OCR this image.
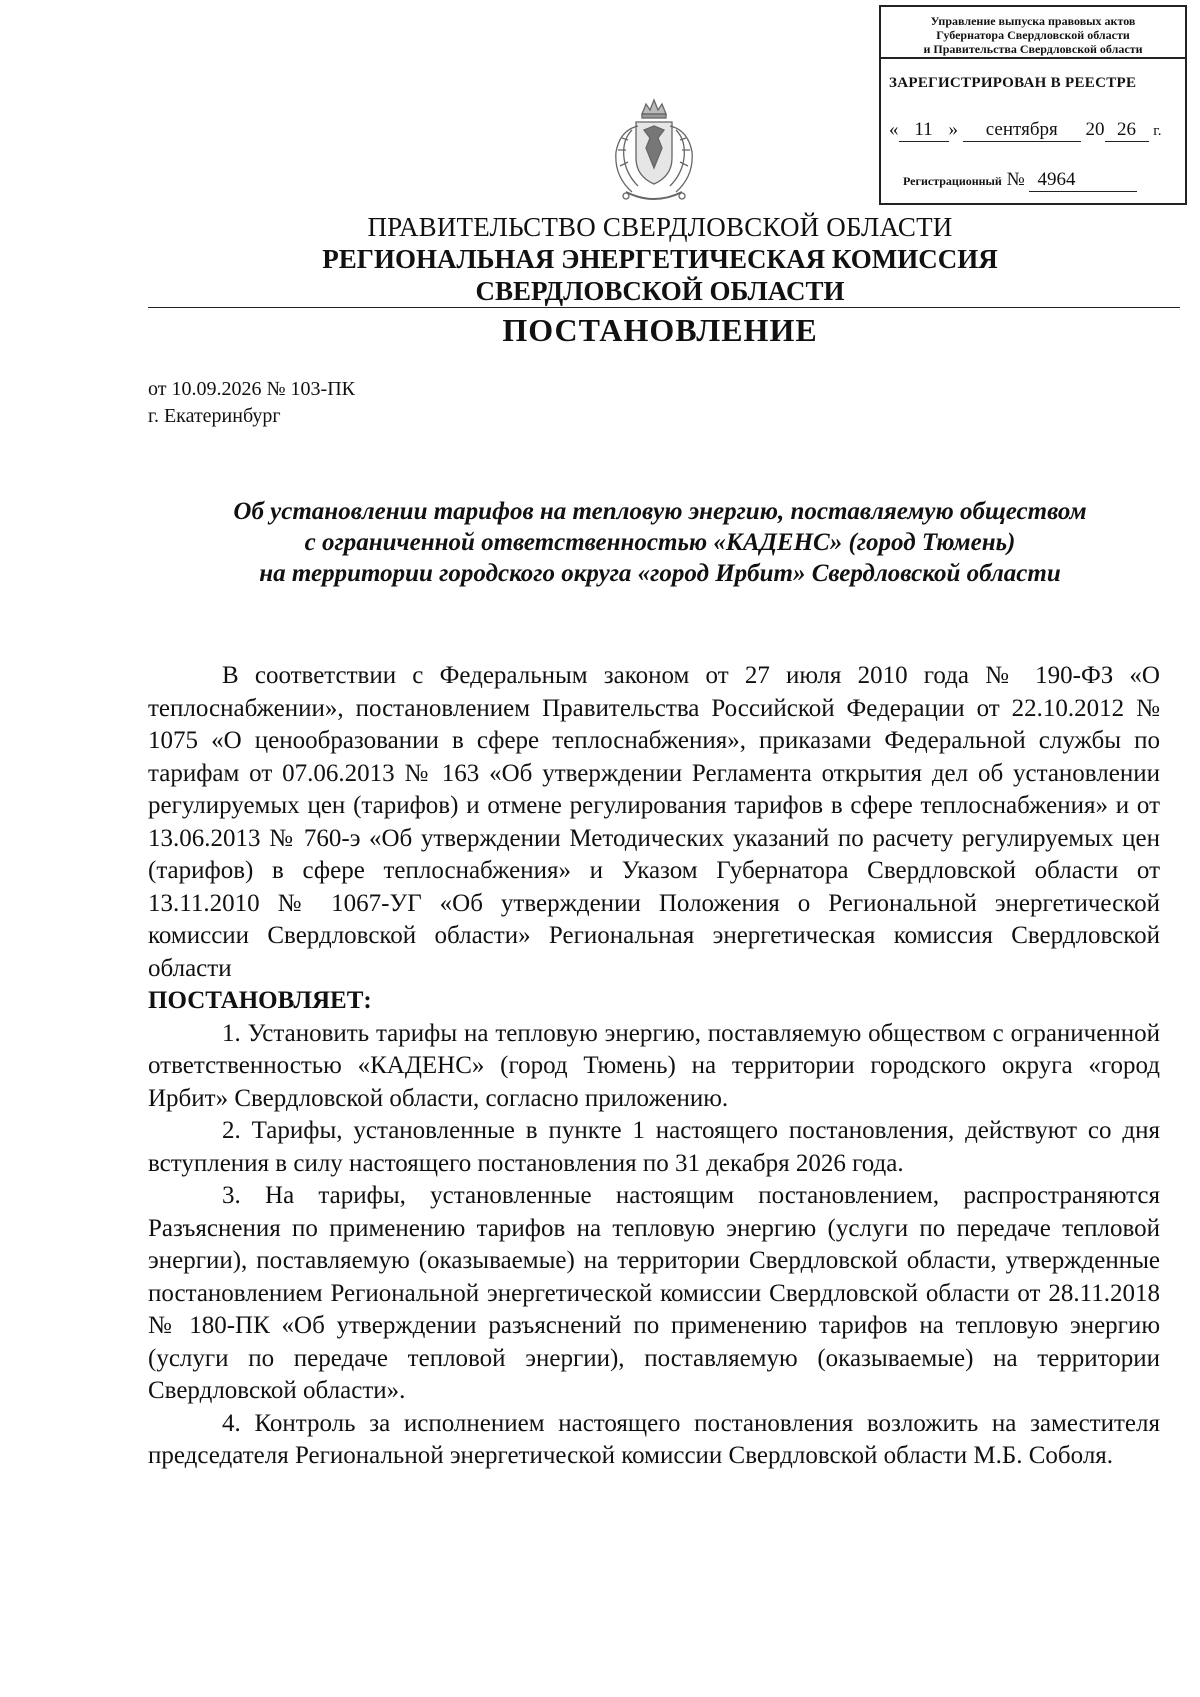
Управление выпуска правовых актов
Губернатора Свердловской области
и Правительства Свердловской области
ЗАРЕГИСТРИРОВАН В РЕЕСТРЕ
« 11 » сентября 20 26 г.
Регистрационный № 4964
ПРАВИТЕЛЬСТВО СВЕРДЛОВСКОЙ ОБЛАСТИ
РЕГИОНАЛЬНАЯ ЭНЕРГЕТИЧЕСКАЯ КОМИССИЯ
СВЕРДЛОВСКОЙ ОБЛАСТИ
ПОСТАНОВЛЕНИЕ
от 10.09.2026 № 103-ПК
г. Екатеринбург
Об установлении тарифов на тепловую энергию, поставляемую обществом
с ограниченной ответственностью «КАДЕНС» (город Тюмень)
на территории городского округа «город Ирбит» Свердловской области
В соответствии с Федеральным законом от 27 июля 2010 года № 190-ФЗ «О теплоснабжении», постановлением Правительства Российской Федерации от 22.10.2012 № 1075 «О ценообразовании в сфере теплоснабжения», приказами Федеральной службы по тарифам от 07.06.2013 № 163 «Об утверждении Регламента открытия дел об установлении регулируемых цен (тарифов) и отмене регулирования тарифов в сфере теплоснабжения» и от 13.06.2013 № 760-э «Об утверждении Методических указаний по расчету регулируемых цен (тарифов) в сфере теплоснабжения» и Указом Губернатора Свердловской области от 13.11.2010 № 1067-УГ «Об утверждении Положения о Региональной энергетической комиссии Свердловской области» Региональная энергетическая комиссия Свердловской области
ПОСТАНОВЛЯЕТ:
1. Установить тарифы на тепловую энергию, поставляемую обществом с ограниченной ответственностью «КАДЕНС» (город Тюмень) на территории городского округа «город Ирбит» Свердловской области, согласно приложению.
2. Тарифы, установленные в пункте 1 настоящего постановления, действуют со дня вступления в силу настоящего постановления по 31 декабря 2026 года.
3. На тарифы, установленные настоящим постановлением, распространяются Разъяснения по применению тарифов на тепловую энергию (услуги по передаче тепловой энергии), поставляемую (оказываемые) на территории Свердловской области, утвержденные постановлением Региональной энергетической комиссии Свердловской области от 28.11.2018 № 180-ПК «Об утверждении разъяснений по применению тарифов на тепловую энергию (услуги по передаче тепловой энергии), поставляемую (оказываемые) на территории Свердловской области».
4. Контроль за исполнением настоящего постановления возложить на заместителя председателя Региональной энергетической комиссии Свердловской области М.Б. Соболя.
